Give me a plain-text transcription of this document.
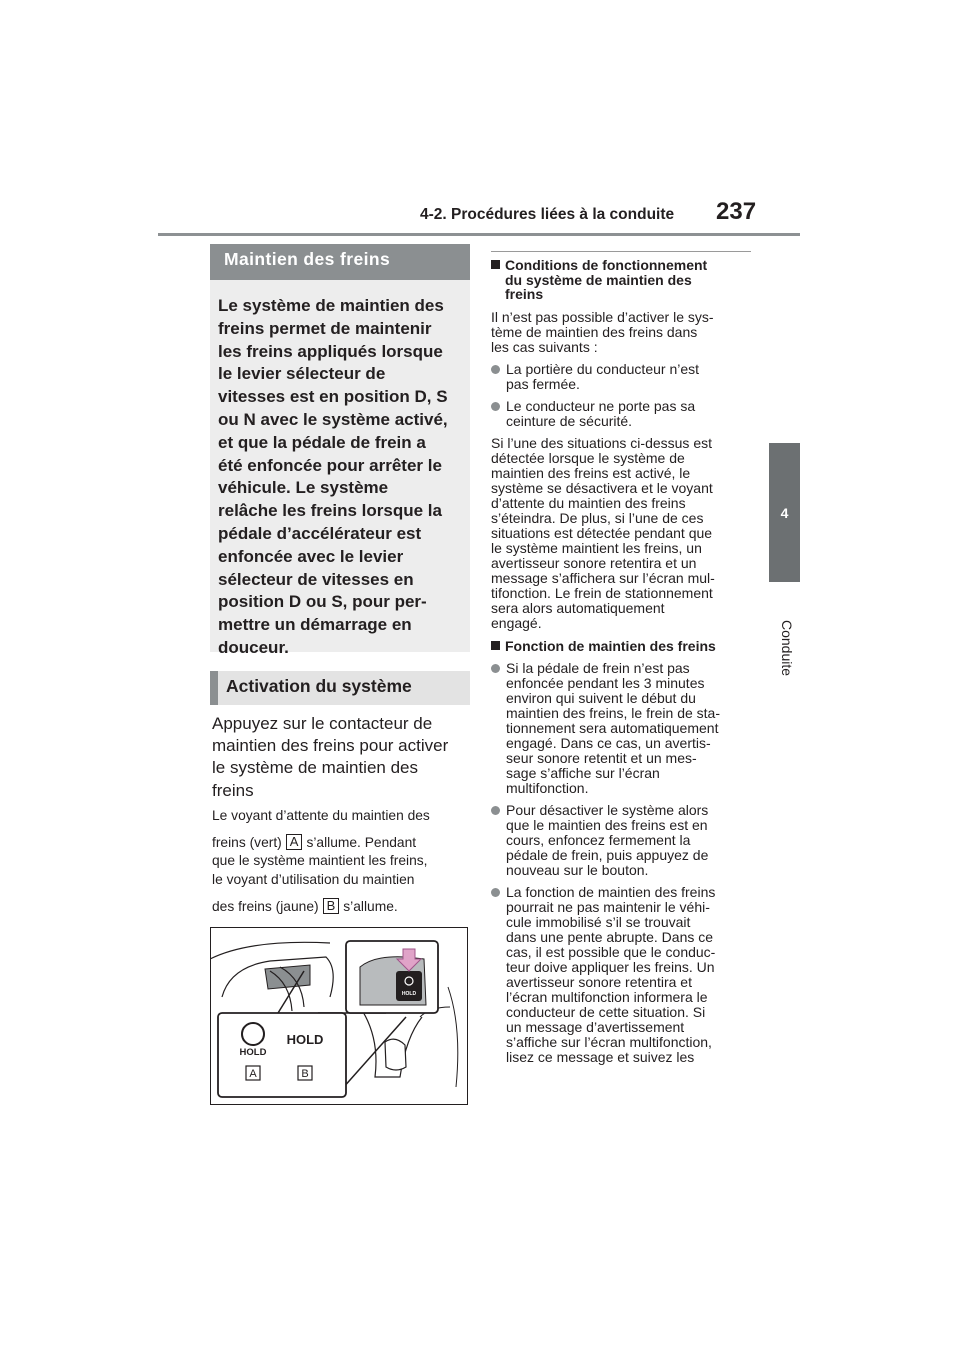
4-2. Procédures liées à la conduite 237
4
Conduite
Maintien des freins
Le système de maintien des
freins permet de maintenir
les freins appliqués lorsque
le levier sélecteur de
vitesses est en position D, S
ou N avec le système activé,
et que la pédale de frein a
été enfoncée pour arrêter le
véhicule. Le système
relâche les freins lorsque la
pédale d’accélérateur est
enfoncée avec le levier
sélecteur de vitesses en
position D ou S, pour per-
mettre un démarrage en
douceur.
Activation du système
Appuyez sur le contacteur de
maintien des freins pour activer
le système de maintien des
freins
Le voyant d’attente du maintien des
freins (vert) A s’allume. Pendant
que le système maintient les freins,
le voyant d’utilisation du maintien
des freins (jaune) B s’allume.
HOLD
HOLD
HOLD
A	B
Conditions de fonctionnement
du système de maintien des
freins

Il n’est pas possible d’activer le sys-
tème de maintien des freins dans
les cas suivants :

La portière du conducteur n’est
pas fermée.
Le conducteur ne porte pas sa
ceinture de sécurité.

Si l’une des situations ci-dessus est
détectée lorsque le système de
maintien des freins est activé, le
système se désactivera et le voyant
d’attente du maintien des freins
s’éteindra. De plus, si l’une de ces
situations est détectée pendant que
le système maintient les freins, un
avertisseur sonore retentira et un
message s’affichera sur l’écran mul-
tifonction. Le frein de stationnement
sera alors automatiquement
engagé.

Fonction de maintien des freins
Si la pédale de frein n’est pas
enfoncée pendant les 3 minutes
environ qui suivent le début du
maintien des freins, le frein de sta-
tionnement sera automatiquement
engagé. Dans ce cas, un avertis-
seur sonore retentit et un mes-
sage s’affiche sur l’écran
multifonction.
Pour désactiver le système alors
que le maintien des freins est en
cours, enfoncez fermement la
pédale de frein, puis appuyez de
nouveau sur le bouton.
La fonction de maintien des freins
pourrait ne pas maintenir le véhi-
cule immobilisé s’il se trouvait
dans une pente abrupte. Dans ce
cas, il est possible que le conduc-
teur doive appliquer les freins. Un
avertisseur sonore retentira et
l’écran multifonction informera le
conducteur de cette situation. Si
un message d’avertissement
s’affiche sur l’écran multifonction,
lisez ce message et suivez les
